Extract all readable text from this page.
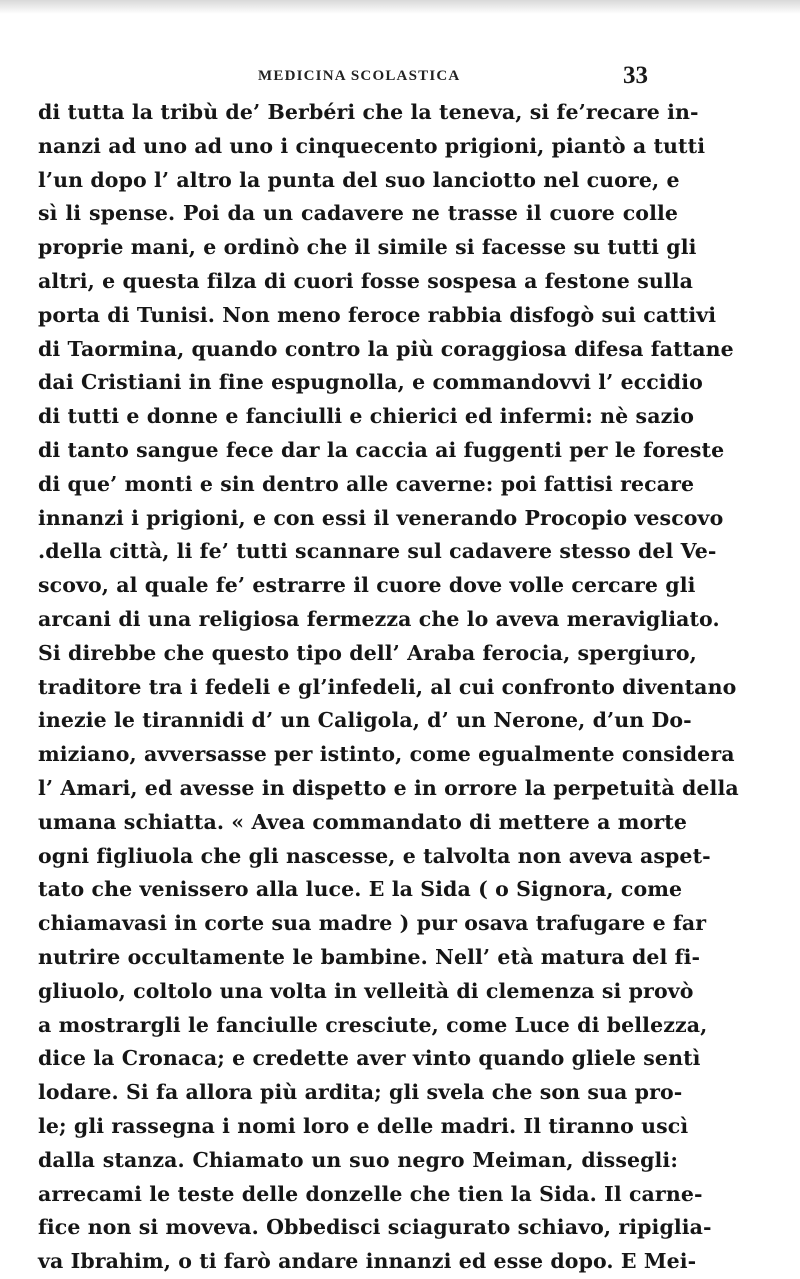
MEDICINA SCOLASTICA	33
di tutta la tribù de’ Berbéri che la teneva, si fe’recare in-
nanzi ad uno ad uno i cinquecento prigioni, piantò a tutti
l’un dopo l’ altro la punta del suo lanciotto nel cuore, e
sì li spense. Poi da un cadavere ne trasse il cuore colle
proprie mani, e ordinò che il simile si facesse su tutti gli
altri, e questa filza di cuori fosse sospesa a festone sulla
porta di Tunisi. Non meno feroce rabbia disfogò sui cattivi
di Taormina, quando contro la più coraggiosa difesa fattane
dai Cristiani in fine espugnolla, e commandovvi l’ eccidio
di tutti e donne e fanciulli e chierici ed infermi: nè sazio
di tanto sangue fece dar la caccia ai fuggenti per le foreste
di que’ monti e sin dentro alle caverne: poi fattisi recare
innanzi i prigioni, e con essi il venerando Procopio vescovo
.della città, li fe’ tutti scannare sul cadavere stesso del Ve-
scovo, al quale fe’ estrarre il cuore dove volle cercare gli
arcani di una religiosa fermezza che lo aveva meravigliato.
Si direbbe che questo tipo dell’ Araba ferocia, spergiuro,
traditore tra i fedeli e gl’infedeli, al cui confronto diventano
inezie le tirannidi d’ un Caligola, d’ un Nerone, d’un Do-
miziano, avversasse per istinto, come egualmente considera
l’ Amari, ed avesse in dispetto e in orrore la perpetuità della
umana schiatta. « Avea commandato di mettere a morte
ogni figliuola che gli nascesse, e talvolta non aveva aspet-
tato che venissero alla luce. E la Sida ( o Signora, come
chiamavasi in corte sua madre ) pur osava trafugare e far
nutrire occultamente le bambine. Nell’ età matura del fi-
gliuolo, coltolo una volta in velleità di clemenza si provò
a mostrargli le fanciulle cresciute, come Luce di bellezza,
dice la Cronaca; e credette aver vinto quando gliele sentì
lodare. Si fa allora più ardita; gli svela che son sua pro-
le; gli rassegna i nomi loro e delle madri. Il tiranno uscì
dalla stanza. Chiamato un suo negro Meiman, dissegli:
arrecami le teste delle donzelle che tien la Sida. Il carne-
fice non si moveva. Obbedisci sciagurato schiavo, ripiglia-
va Ibrahim, o ti farò andare innanzi ed esse dopo. E Mei-
